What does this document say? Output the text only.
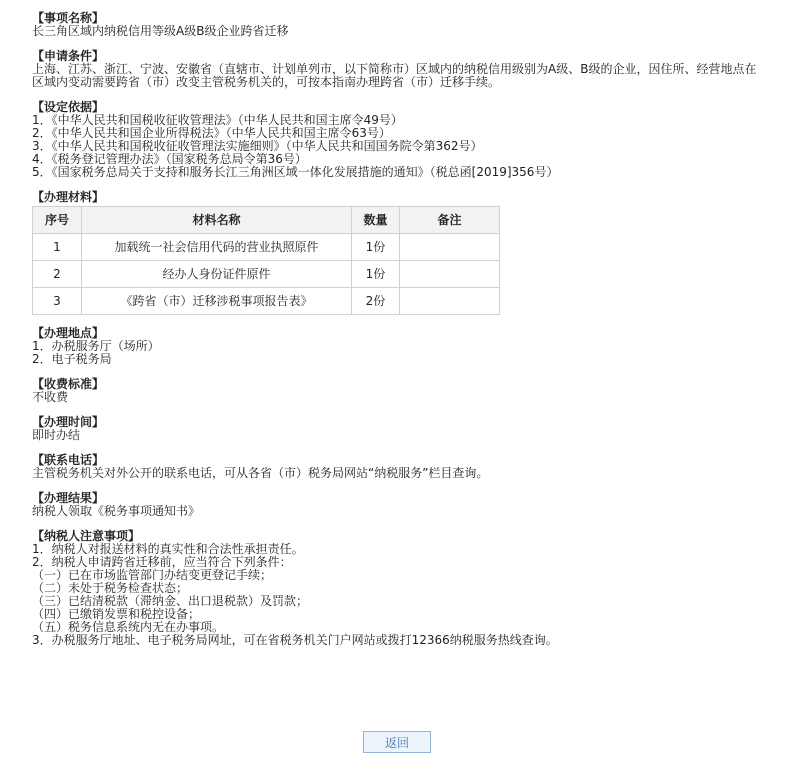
【事项名称】
长三角区域内纳税信用等级A级B级企业跨省迁移
【申请条件】
上海、江苏、浙江、宁波、安徽省（直辖市、计划单列市，以下简称市）区域内的纳税信用级别为A级、B级的企业，因住所、经营地点在
区域内变动需要跨省（市）改变主管税务机关的，可按本指南办理跨省（市）迁移手续。
【设定依据】
1．《中华人民共和国税收征收管理法》（中华人民共和国主席令49号）
2．《中华人民共和国企业所得税法》（中华人民共和国主席令63号）
3．《中华人民共和国税收征收管理法实施细则》（中华人民共和国国务院令第362号）
4．《税务登记管理办法》（国家税务总局令第36号）
5．《国家税务总局关于支持和服务长江三角洲区域一体化发展措施的通知》（税总函[2019]356号）
【办理材料】
序号	材料名称	数量	备注
1	加载统一社会信用代码的营业执照原件	1份	
2	经办人身份证件原件	1份	
3	《跨省（市）迁移涉税事项报告表》	2份	
【办理地点】
1．办税服务厅（场所）
2．电子税务局
【收费标准】
不收费
【办理时间】
即时办结
【联系电话】
主管税务机关对外公开的联系电话，可从各省（市）税务局网站“纳税服务”栏目查询。
【办理结果】
纳税人领取《税务事项通知书》
【纳税人注意事项】
1．纳税人对报送材料的真实性和合法性承担责任。
2．纳税人申请跨省迁移前，应当符合下列条件：
（一）已在市场监管部门办结变更登记手续；
（二）未处于税务检查状态；
（三）已结清税款（滞纳金、出口退税款）及罚款；
（四）已缴销发票和税控设备；
（五）税务信息系统内无在办事项。
3．办税服务厅地址、电子税务局网址，可在省税务机关门户网站或拨打12366纳税服务热线查询。
返回
